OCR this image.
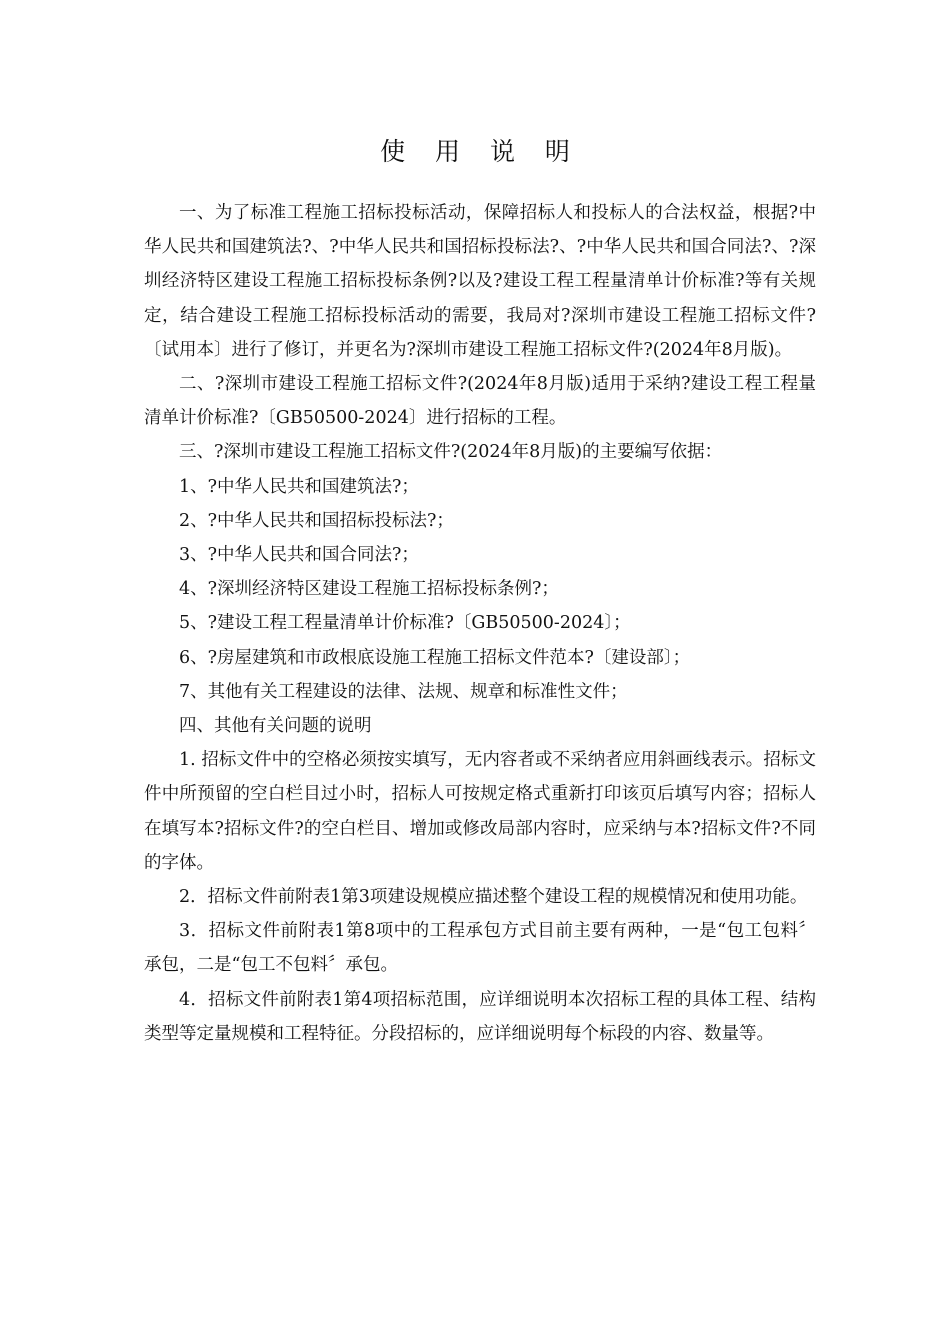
使 用 说 明

一、为了标准工程施工招标投标活动，保障招标人和投标人的合法权益，根据?中华人民共和国建筑法?、?中华人民共和国招标投标法?、?中华人民共和国合同法?、?深圳经济特区建设工程施工招标投标条例?以及?建设工程工程量清单计价标准?等有关规定，结合建设工程施工招标投标活动的需要，我局对?深圳市建设工程施工招标文件?〔试用本〕进行了修订，并更名为?深圳市建设工程施工招标文件?(2024年8月版)。

二、?深圳市建设工程施工招标文件?(2024年8月版)适用于采纳?建设工程工程量清单计价标准?〔GB50500-2024〕进行招标的工程。

三、?深圳市建设工程施工招标文件?(2024年8月版)的主要编写依据：

1、?中华人民共和国建筑法?；

2、?中华人民共和国招标投标法?；

3、?中华人民共和国合同法?；

4、?深圳经济特区建设工程施工招标投标条例?；

5、?建设工程工程量清单计价标准?〔GB50500-2024〕；

6、?房屋建筑和市政根底设施工程施工招标文件范本?〔建设部〕；

7、其他有关工程建设的法律、法规、规章和标准性文件；

四、其他有关问题的说明

1. 招标文件中的空格必须按实填写，无内容者或不采纳者应用斜画线表示。招标文件中所预留的空白栏目过小时，招标人可按规定格式重新打印该页后填写内容；招标人在填写本?招标文件?的空白栏目、增加或修改局部内容时，应采纳与本?招标文件?不同的字体。

2．招标文件前附表1第3项建设规模应描述整个建设工程的规模情况和使用功能。

3．招标文件前附表1第8项中的工程承包方式目前主要有两种，一是“包工包料〞承包，二是“包工不包料〞承包。

4．招标文件前附表1第4项招标范围，应详细说明本次招标工程的具体工程、结构类型等定量规模和工程特征。分段招标的，应详细说明每个标段的内容、数量等。
